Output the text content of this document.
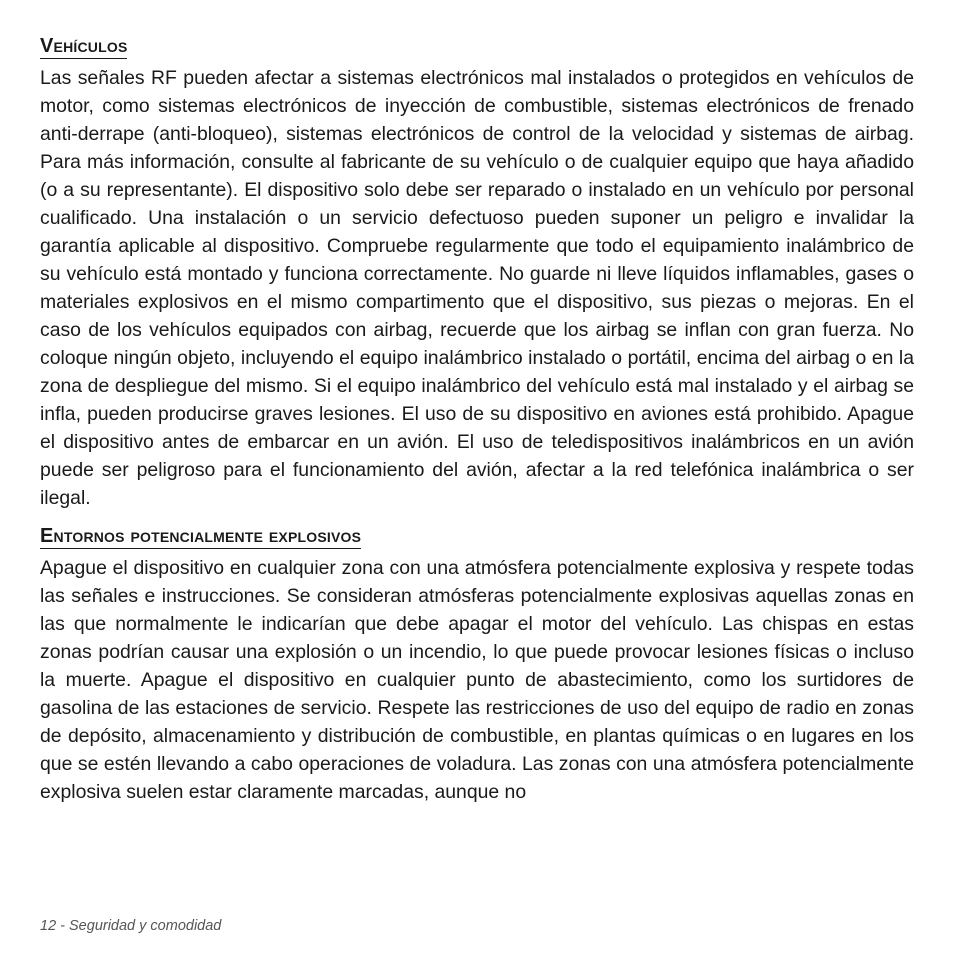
Vehículos

Las señales RF pueden afectar a sistemas electrónicos mal instalados o protegidos en vehículos de motor, como sistemas electrónicos de inyección de combustible, sistemas electrónicos de frenado anti-derrape (anti-bloqueo), sistemas electrónicos de control de la velocidad y sistemas de airbag. Para más información, consulte al fabricante de su vehículo o de cualquier equipo que haya añadido (o a su representante). El dispositivo solo debe ser reparado o instalado en un vehículo por personal cualificado. Una instalación o un servicio defectuoso pueden suponer un peligro e invalidar la garantía aplicable al dispositivo. Compruebe regularmente que todo el equipamiento inalámbrico de su vehículo está montado y funciona correctamente. No guarde ni lleve líquidos inflamables, gases o materiales explosivos en el mismo compartimento que el dispositivo, sus piezas o mejoras. En el caso de los vehículos equipados con airbag, recuerde que los airbag se inflan con gran fuerza. No coloque ningún objeto, incluyendo el equipo inalámbrico instalado o portátil, encima del airbag o en la zona de despliegue del mismo. Si el equipo inalámbrico del vehículo está mal instalado y el airbag se infla, pueden producirse graves lesiones. El uso de su dispositivo en aviones está prohibido. Apague el dispositivo antes de embarcar en un avión. El uso de teledispositivos inalámbricos en un avión puede ser peligroso para el funcionamiento del avión, afectar a la red telefónica inalámbrica o ser ilegal.

Entornos potencialmente explosivos

Apague el dispositivo en cualquier zona con una atmósfera potencialmente explosiva y respete todas las señales e instrucciones. Se consideran atmósferas potencialmente explosivas aquellas zonas en las que normalmente le indicarían que debe apagar el motor del vehículo. Las chispas en estas zonas podrían causar una explosión o un incendio, lo que puede provocar lesiones físicas o incluso la muerte. Apague el dispositivo en cualquier punto de abastecimiento, como los surtidores de gasolina de las estaciones de servicio. Respete las restricciones de uso del equipo de radio en zonas de depósito, almacenamiento y distribución de combustible, en plantas químicas o en lugares en los que se estén llevando a cabo operaciones de voladura. Las zonas con una atmósfera potencialmente explosiva suelen estar claramente marcadas, aunque no

12 - Seguridad y comodidad
